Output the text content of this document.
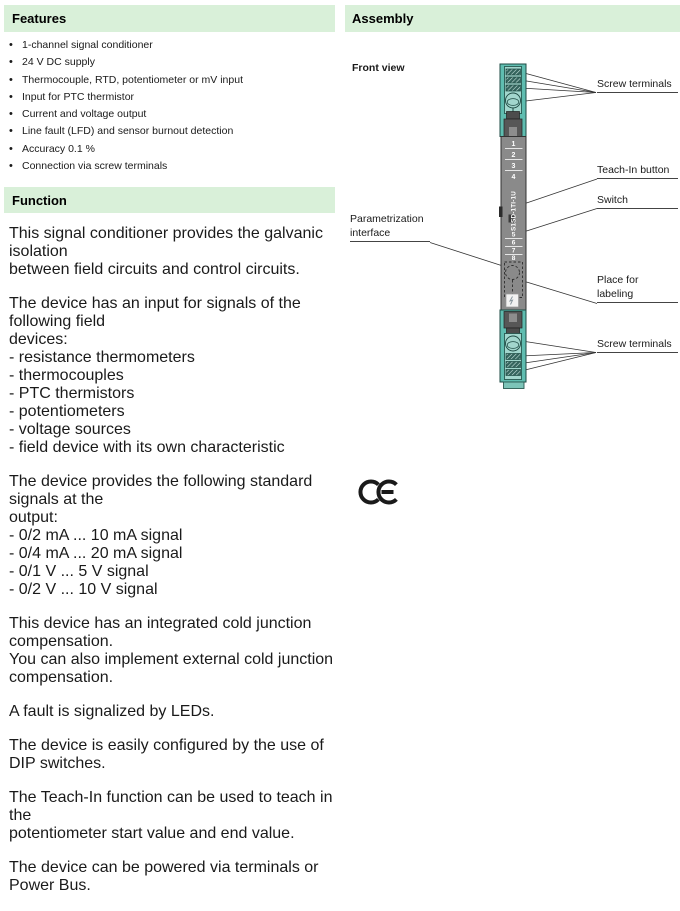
Features
•
1-channel signal conditioner
•
24 V DC supply
•
Thermocouple, RTD, potentiometer or mV input
•
Input for PTC thermistor
•
Current and voltage output
•
Line fault (LFD) and sensor burnout detection
•
Accuracy 0.1 %
•
Connection via screw terminals
Function

This signal conditioner provides the galvanic isolation
between field circuits and control circuits.

The device has an input for signals of the following field
devices:
- resistance thermometers
- thermocouples
- PTC thermistors
- potentiometers
- voltage sources
- field device with its own characteristic

The device provides the following standard signals at the
output:
- 0/2 mA ... 10 mA signal
- 0/4 mA ... 20 mA signal
- 0/1 V ... 5 V signal
- 0/2 V ... 10 V signal

This device has an integrated cold junction compensation.
You can also implement external cold junction compensation.

A fault is signalized by LEDs.

The device is easily configured by the use of DIP switches.

The Teach-In function can be used to teach in the
potentiometer start value and end value.

The device can be powered via terminals or Power Bus.

Assembly
Front view
1
2
3
4
S1SD-1TI-1U
5
6
7
8
Screw terminals
Teach-In button
Switch
Parametrization
interface
Place for
labeling
Screw terminals
